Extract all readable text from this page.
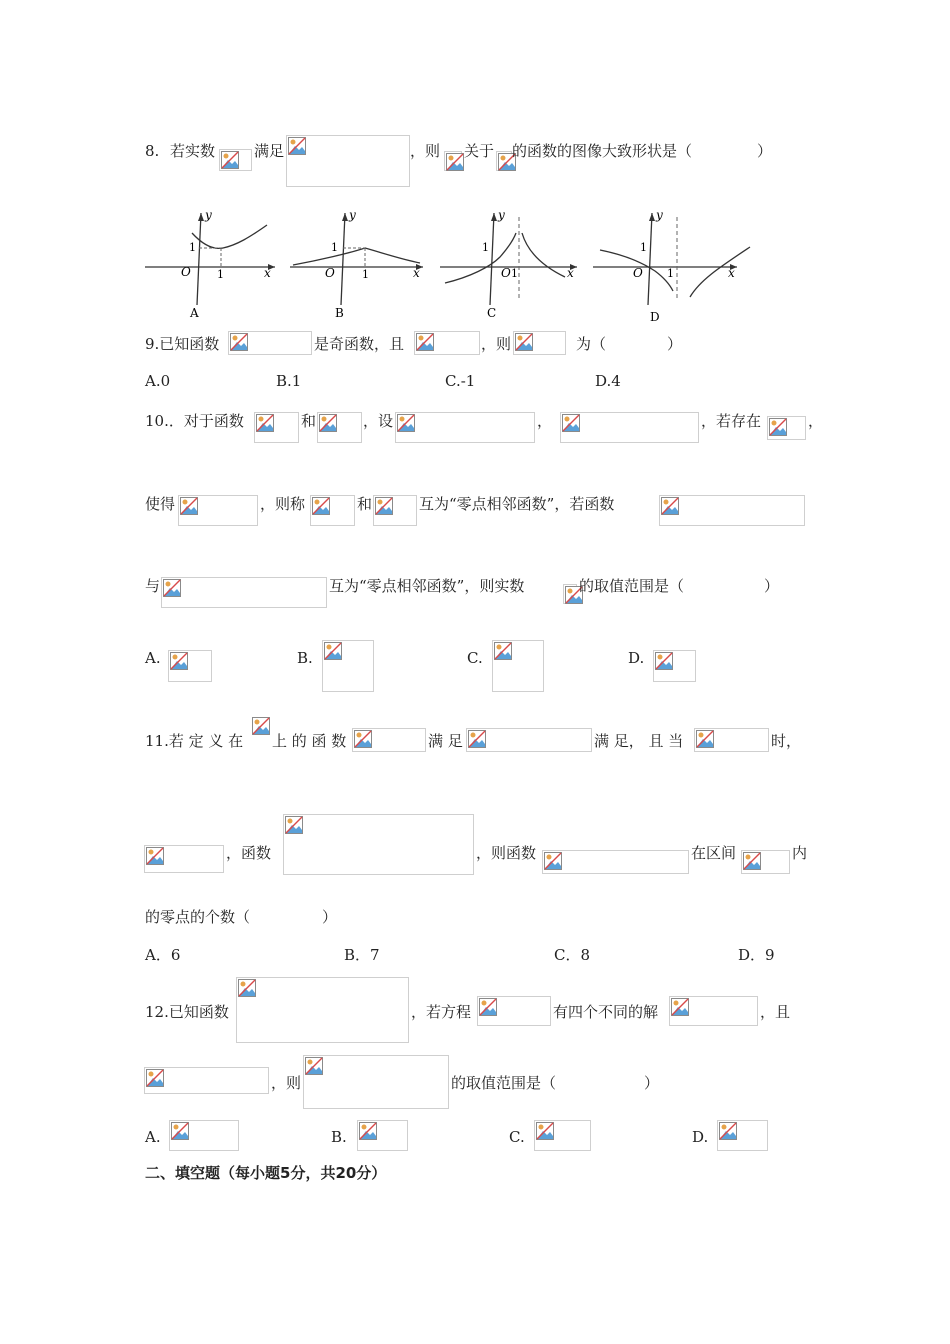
8. 若实数	满足	，则 关于 的函数的图像大致形状是（	）
1
O 1
y
x
A
1
O 1
y
x
B
1
O 1
y
x
C
1
O 1
y
x
D
9.已知函数	是奇函数，且	，则	为（	）
A.0	B.1	C.-1	D.4
10.．对于函数	和	，设	，	，若存在	，
使得	，则称	和	互为“零点相邻函数”，若函数
与	互为“零点相邻函数”，则实数	的取值范围是（	）
A.	B.	C.	D.
11.若 定 义 在 上 的 函 数	满 足	满 足， 且 当	时，
，函数	，则函数	在区间	内
的零点的个数（	）
A．6	B．7	C．8	D．9
12.已知函数	，若方程	有四个不同的解	，且
，则	的取值范围是（	）
A.	B.	C.	D.
二、填空题（每小题5分，共20分）
